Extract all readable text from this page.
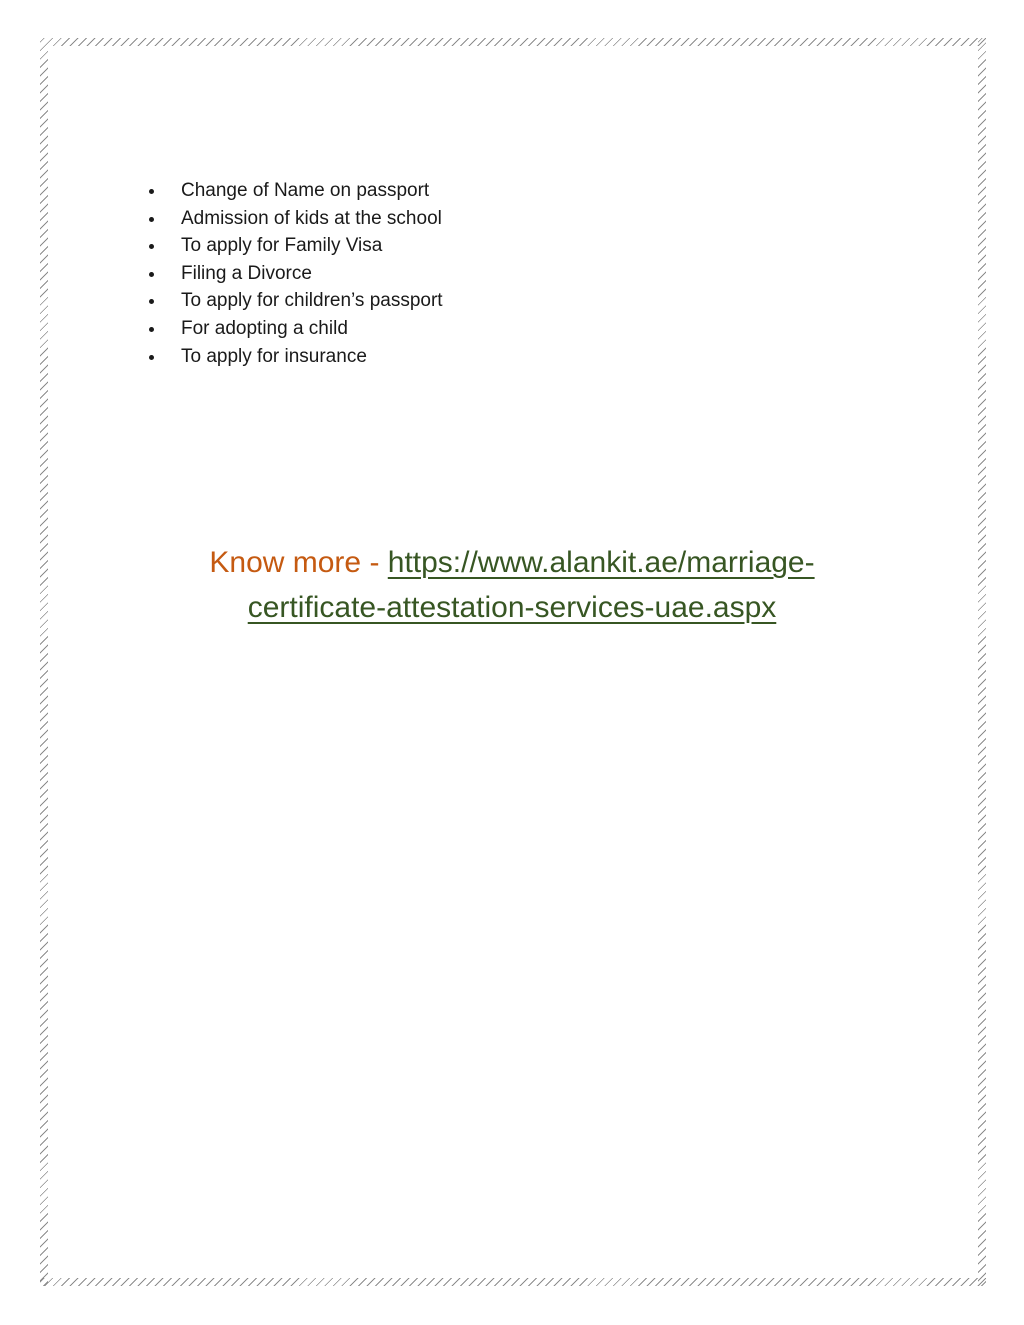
Change of Name on passport
Admission of kids at the school
To apply for Family Visa
Filing a Divorce
To apply for children’s passport
For adopting a child
To apply for insurance
Know more - https://www.alankit.ae/marriage-
certificate-attestation-services-uae.aspx
